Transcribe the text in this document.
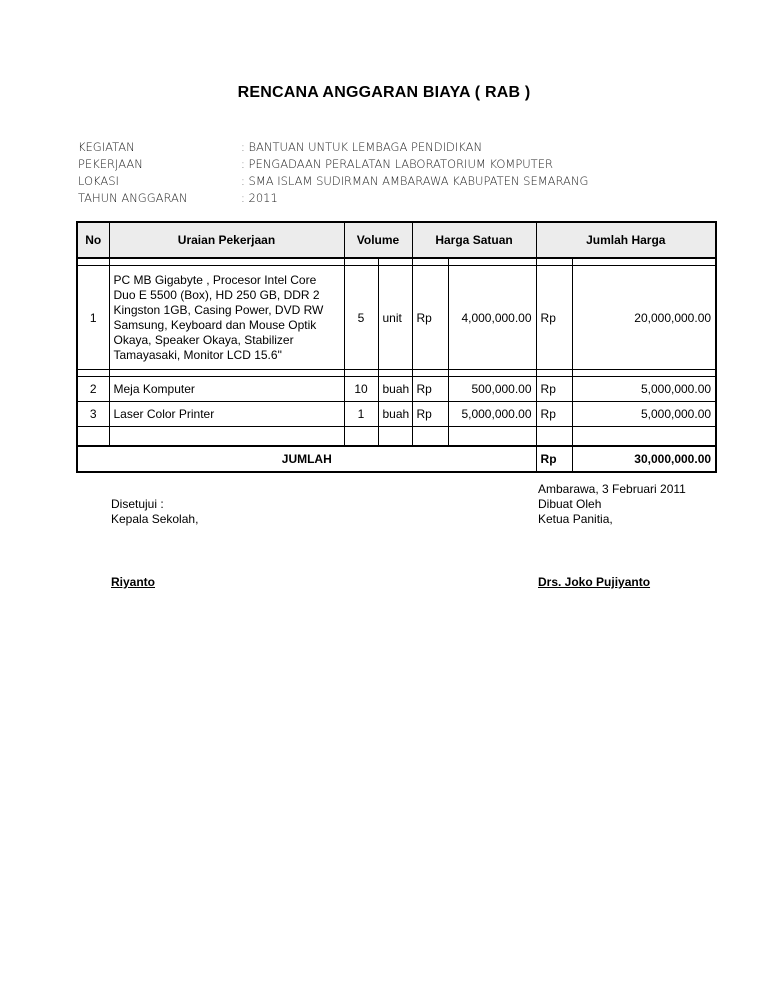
RENCANA ANGGARAN BIAYA ( RAB )
KEGIATAN	: BANTUAN UNTUK LEMBAGA PENDIDIKAN
PEKERJAAN	: PENGADAAN PERALATAN LABORATORIUM KOMPUTER
LOKASI	: SMA ISLAM SUDIRMAN AMBARAWA KABUPATEN SEMARANG
TAHUN ANGGARAN	: 2011
No	Uraian Pekerjaan	Volume		Harga Satuan		Jumlah Harga	

1	PC MB Gigabyte , Procesor Intel Core Duo E 5500 (Box), HD 250 GB, DDR 2 Kingston 1GB, Casing Power, DVD RW Samsung, Keyboard dan Mouse Optik Okaya, Speaker Okaya, Stabilizer Tamayasaki, Monitor LCD 15.6"	5	unit	Rp	4,000,000.00	Rp	20,000,000.00

2	Meja Komputer	10	buah	Rp	500,000.00	Rp	5,000,000.00
3	Laser Color Printer	1	buah	Rp	5,000,000.00	Rp	5,000,000.00

JUMLAH						Rp	30,000,000.00
Disetujui :
Kepala Sekolah,
Riyanto
Ambarawa, 3 Februari 2011
Dibuat Oleh
Ketua Panitia,
Drs. Joko Pujiyanto
